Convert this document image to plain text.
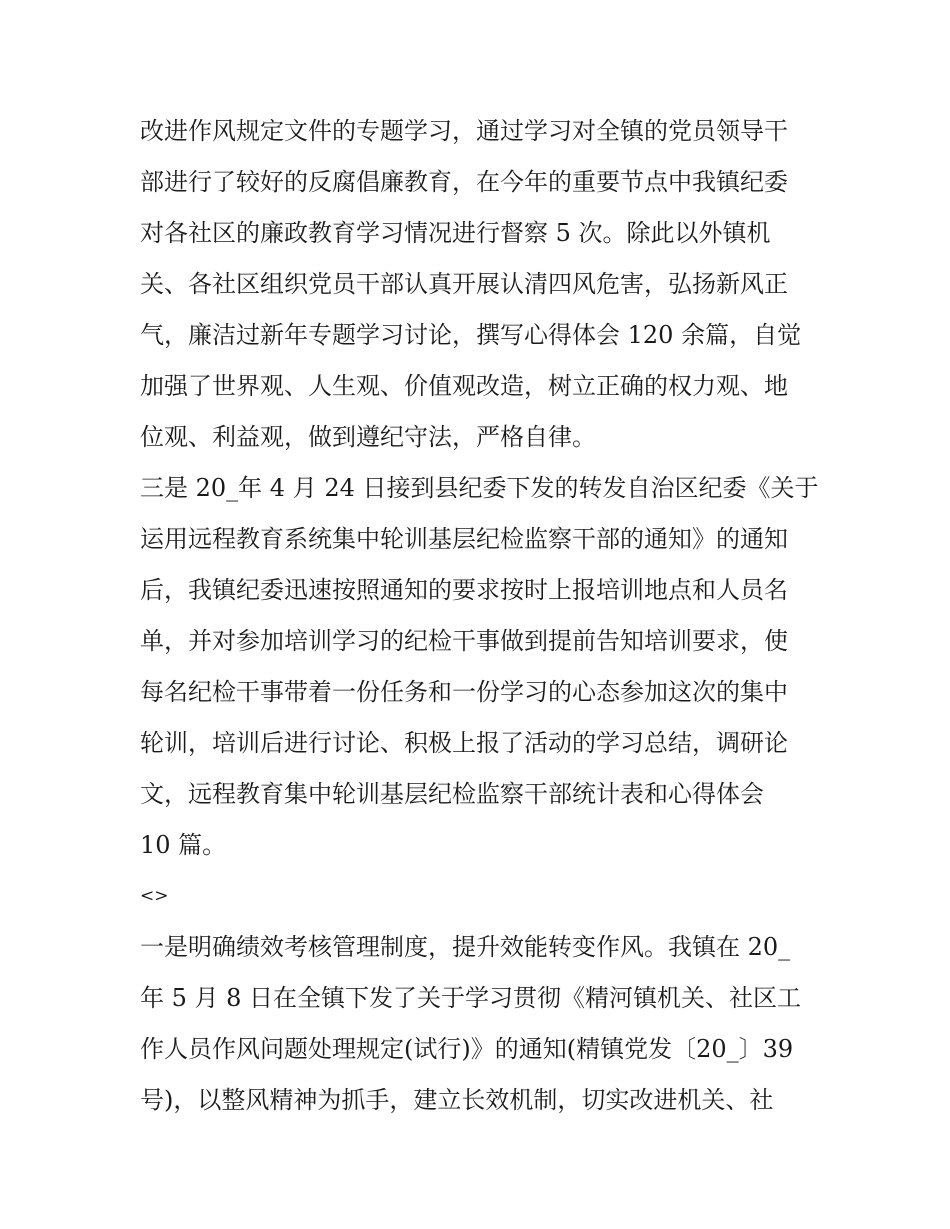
改进作风规定文件的专题学习，通过学习对全镇的党员领导干
部进行了较好的反腐倡廉教育，在今年的重要节点中我镇纪委
对各社区的廉政教育学习情况进行督察 5 次。除此以外镇机
关、各社区组织党员干部认真开展认清四风危害，弘扬新风正
气，廉洁过新年专题学习讨论，撰写心得体会 120 余篇，自觉
加强了世界观、人生观、价值观改造，树立正确的权力观、地
位观、利益观，做到遵纪守法，严格自律。
三是 20_年 4 月 24 日接到县纪委下发的转发自治区纪委《关于
运用远程教育系统集中轮训基层纪检监察干部的通知》的通知
后，我镇纪委迅速按照通知的要求按时上报培训地点和人员名
单，并对参加培训学习的纪检干事做到提前告知培训要求，使
每名纪检干事带着一份任务和一份学习的心态参加这次的集中
轮训，培训后进行讨论、积极上报了活动的学习总结，调研论
文，远程教育集中轮训基层纪检监察干部统计表和心得体会
10 篇。
<>
一是明确绩效考核管理制度，提升效能转变作风。我镇在 20_
年 5 月 8 日在全镇下发了关于学习贯彻《精河镇机关、社区工
作人员作风问题处理规定(试行)》的通知(精镇党发〔20_〕39
号)，以整风精神为抓手，建立长效机制，切实改进机关、社
